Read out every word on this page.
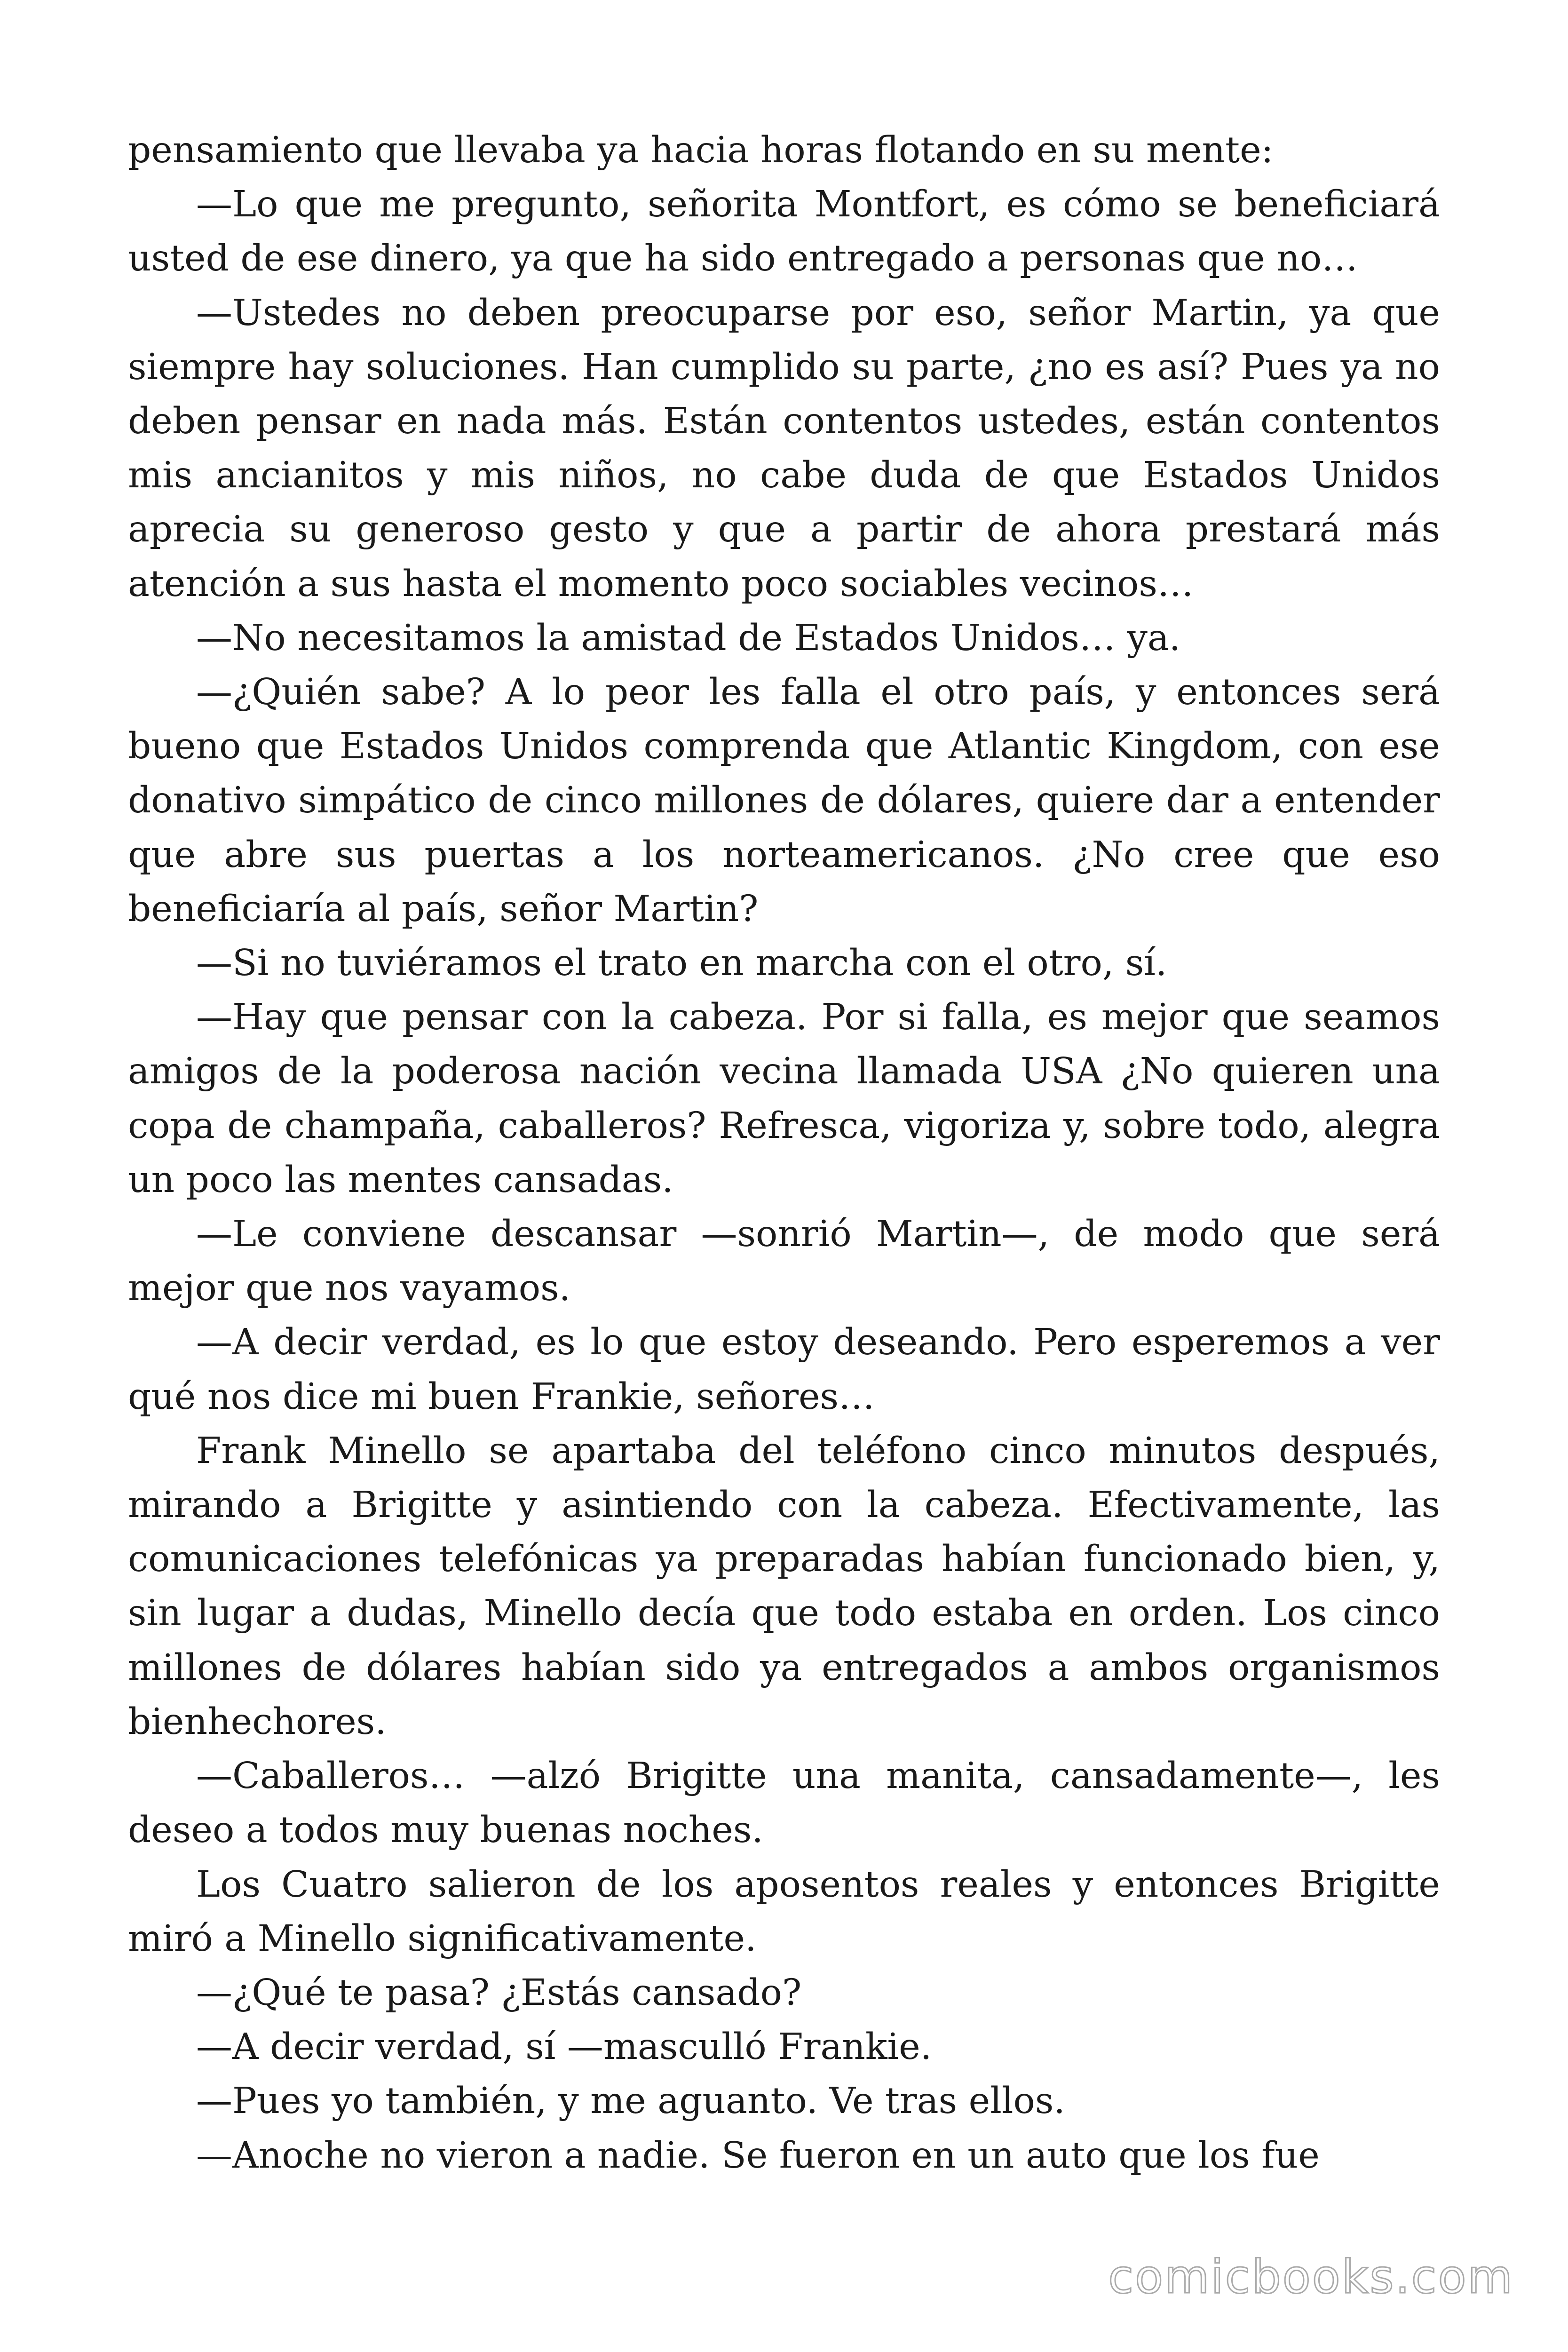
pensamiento que llevaba ya hacia horas flotando en su mente:

—Lo que me pregunto, señorita Montfort, es cómo se beneficiará usted de ese dinero, ya que ha sido entregado a personas que no…

—Ustedes no deben preocuparse por eso, señor Martin, ya que siempre hay soluciones. Han cumplido su parte, ¿no es así? Pues ya no deben pensar en nada más. Están contentos ustedes, están contentos mis ancianitos y mis niños, no cabe duda de que Estados Unidos aprecia su generoso gesto y que a partir de ahora prestará más atención a sus hasta el momento poco sociables vecinos…

—No necesitamos la amistad de Estados Unidos… ya.

—¿Quién sabe? A lo peor les falla el otro país, y entonces será bueno que Estados Unidos comprenda que Atlantic Kingdom, con ese donativo simpático de cinco millones de dólares, quiere dar a entender que abre sus puertas a los norteamericanos. ¿No cree que eso beneficiaría al país, señor Martin?

—Si no tuviéramos el trato en marcha con el otro, sí.

—Hay que pensar con la cabeza. Por si falla, es mejor que seamos amigos de la poderosa nación vecina llamada USA ¿No quieren una copa de champaña, caballeros? Refresca, vigoriza y, sobre todo, alegra un poco las mentes cansadas.

—Le conviene descansar —sonrió Martin—, de modo que será mejor que nos vayamos.

—A decir verdad, es lo que estoy deseando. Pero esperemos a ver qué nos dice mi buen Frankie, señores…

Frank Minello se apartaba del teléfono cinco minutos después, mirando a Brigitte y asintiendo con la cabeza. Efectivamente, las comunicaciones telefónicas ya preparadas habían funcionado bien, y, sin lugar a dudas, Minello decía que todo estaba en orden. Los cinco millones de dólares habían sido ya entregados a ambos organismos bienhechores.

—Caballeros… —alzó Brigitte una manita, cansadamente—, les deseo a todos muy buenas noches.

Los Cuatro salieron de los aposentos reales y entonces Brigitte miró a Minello significativamente.

—¿Qué te pasa? ¿Estás cansado?

—A decir verdad, sí —masculló Frankie.

—Pues yo también, y me aguanto. Ve tras ellos.

—Anoche no vieron a nadie. Se fueron en un auto que los fue

comicbooks.com
